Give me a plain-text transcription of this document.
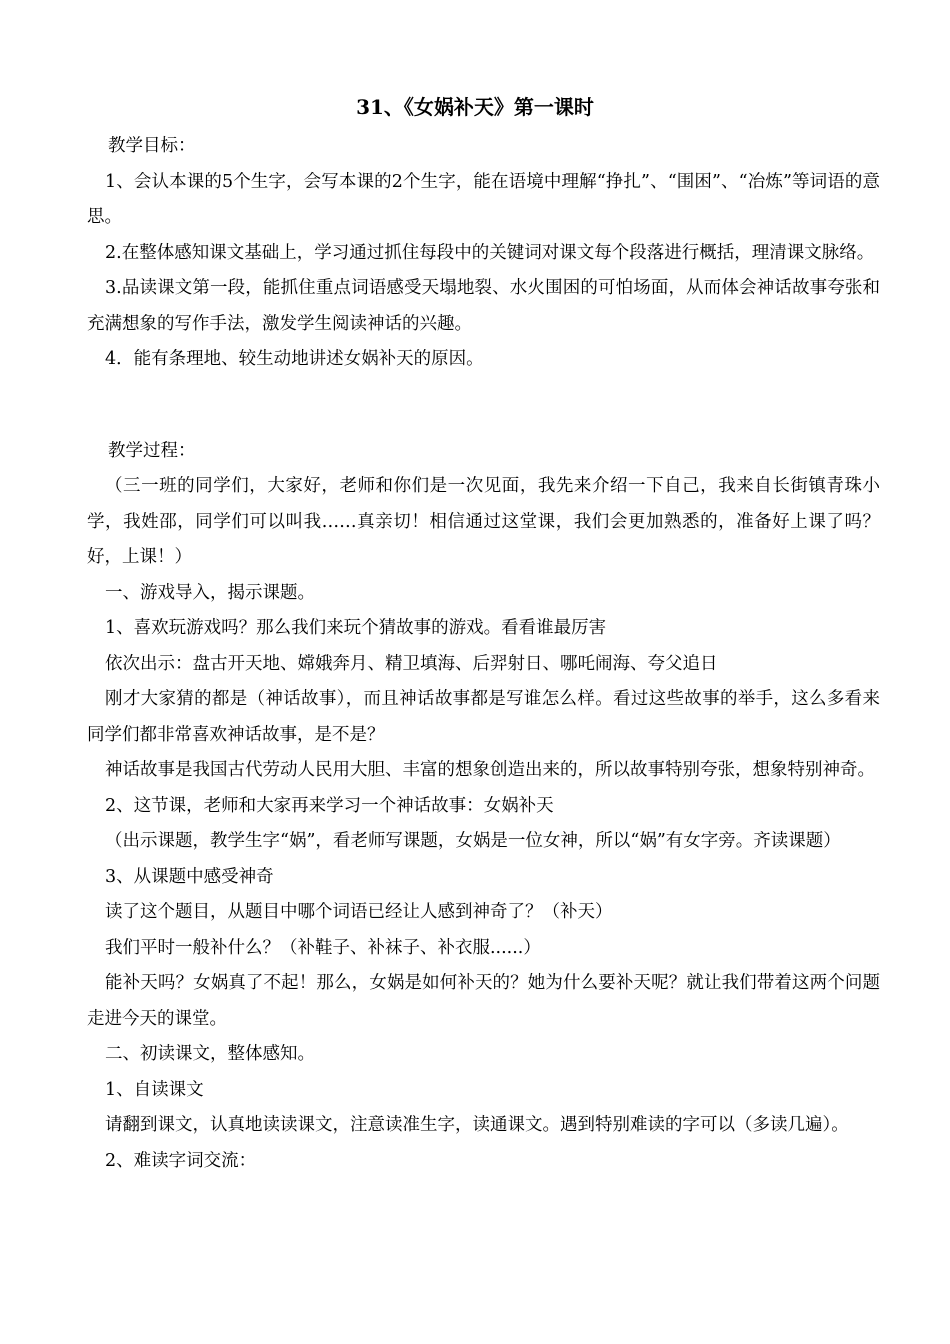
31、《女娲补天》第一课时

教学目标：

1、会认本课的5个生字，会写本课的2个生字，能在语境中理解“挣扎”、“围困”、“冶炼”等词语的意思。

2.在整体感知课文基础上，学习通过抓住每段中的关键词对课文每个段落进行概括，理清课文脉络。

3.品读课文第一段，能抓住重点词语感受天塌地裂、水火围困的可怕场面，从而体会神话故事夸张和充满想象的写作手法，激发学生阅读神话的兴趣。

4．能有条理地、较生动地讲述女娲补天的原因。

教学过程：

（三一班的同学们，大家好，老师和你们是一次见面，我先来介绍一下自己，我来自长街镇青珠小学，我姓邵，同学们可以叫我……真亲切！相信通过这堂课，我们会更加熟悉的，准备好上课了吗？好，上课！）

一、游戏导入，揭示课题。

1、喜欢玩游戏吗？那么我们来玩个猜故事的游戏。看看谁最厉害

依次出示：盘古开天地、嫦娥奔月、精卫填海、后羿射日、哪吒闹海、夸父追日

刚才大家猜的都是（神话故事），而且神话故事都是写谁怎么样。看过这些故事的举手，这么多看来同学们都非常喜欢神话故事，是不是？

神话故事是我国古代劳动人民用大胆、丰富的想象创造出来的，所以故事特别夸张，想象特别神奇。

2、这节课，老师和大家再来学习一个神话故事：女娲补天

（出示课题，教学生字“娲”，看老师写课题，女娲是一位女神，所以“娲”有女字旁。齐读课题）

3、从课题中感受神奇

读了这个题目，从题目中哪个词语已经让人感到神奇了？（补天）

我们平时一般补什么？（补鞋子、补袜子、补衣服......）

能补天吗？女娲真了不起！那么，女娲是如何补天的？她为什么要补天呢？就让我们带着这两个问题走进今天的课堂。

二、初读课文，整体感知。

1、自读课文

请翻到课文，认真地读读课文，注意读准生字，读通课文。遇到特别难读的字可以（多读几遍）。

2、难读字词交流：
